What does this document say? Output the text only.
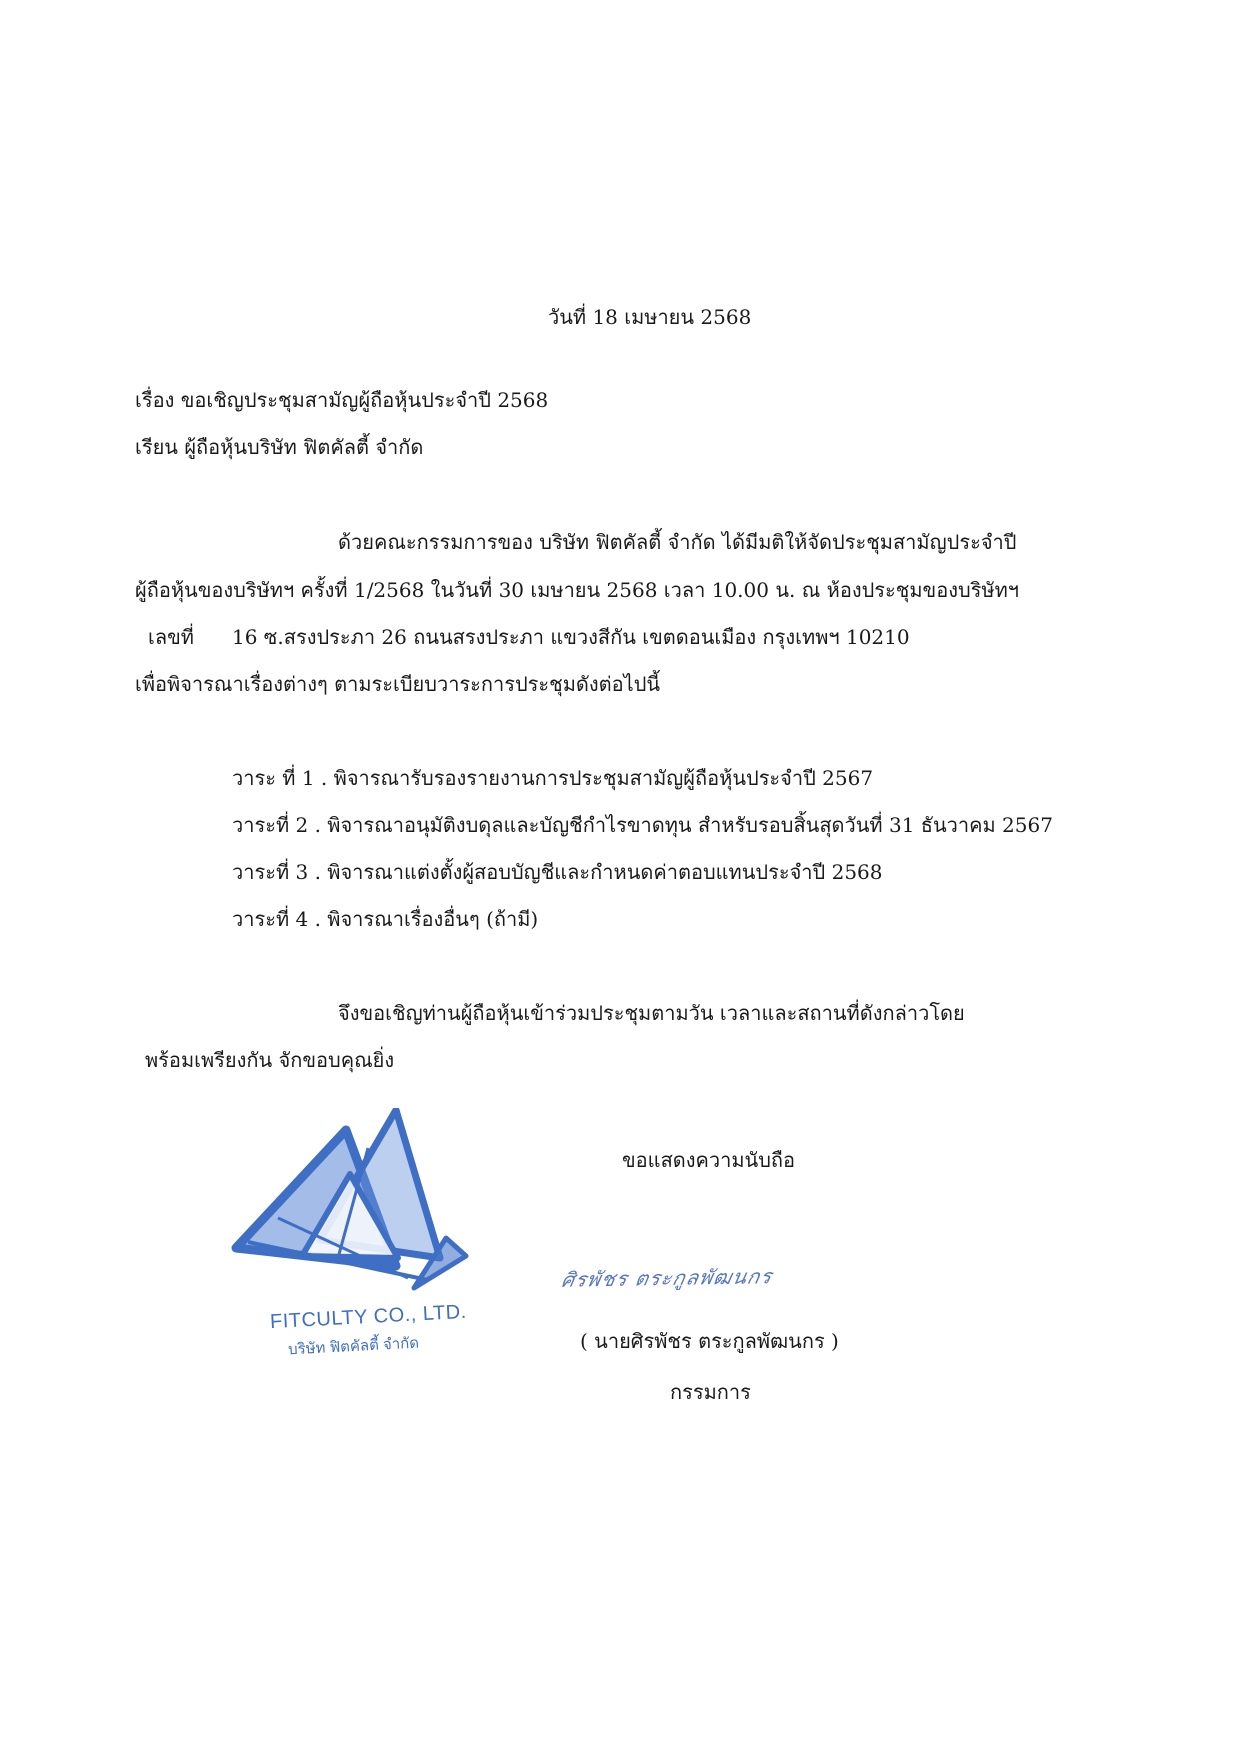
วันที่ 18 เมษายน 2568
เรื่อง ขอเชิญประชุมสามัญผู้ถือหุ้นประจำปี 2568
เรียน ผู้ถือหุ้นบริษัท ฟิตคัลตี้ จำกัด
ด้วยคณะกรรมการของ บริษัท ฟิตคัลตี้ จำกัด ได้มีมติให้จัดประชุมสามัญประจำปี
ผู้ถือหุ้นของบริษัทฯ ครั้งที่ 1/2568 ในวันที่ 30 เมษายน 2568 เวลา 10.00 น. ณ ห้องประชุมของบริษัทฯ
เลขที่ 16 ซ.สรงประภา 26 ถนนสรงประภา แขวงสีกัน เขตดอนเมือง กรุงเทพฯ 10210
เพื่อพิจารณาเรื่องต่างๆ ตามระเบียบวาระการประชุมดังต่อไปนี้
วาระ ที่ 1 . พิจารณารับรองรายงานการประชุมสามัญผู้ถือหุ้นประจำปี 2567
วาระที่ 2 . พิจารณาอนุมัติงบดุลและบัญชีกำไรขาดทุน สำหรับรอบสิ้นสุดวันที่ 31 ธันวาคม 2567
วาระที่ 3 . พิจารณาแต่งตั้งผู้สอบบัญชีและกำหนดค่าตอบแทนประจำปี 2568
วาระที่ 4 . พิจารณาเรื่องอื่นๆ (ถ้ามี)
จึงขอเชิญท่านผู้ถือหุ้นเข้าร่วมประชุมตามวัน เวลาและสถานที่ดังกล่าวโดย
พร้อมเพรียงกัน จักขอบคุณยิ่ง
FITCULTY CO., LTD.
บริษัท ฟิตคัลตี้ จำกัด
ขอแสดงความนับถือ
ศิรพัชร ตระกูลพัฒนกร
( นายศิรพัชร ตระกูลพัฒนกร )
กรรมการ
